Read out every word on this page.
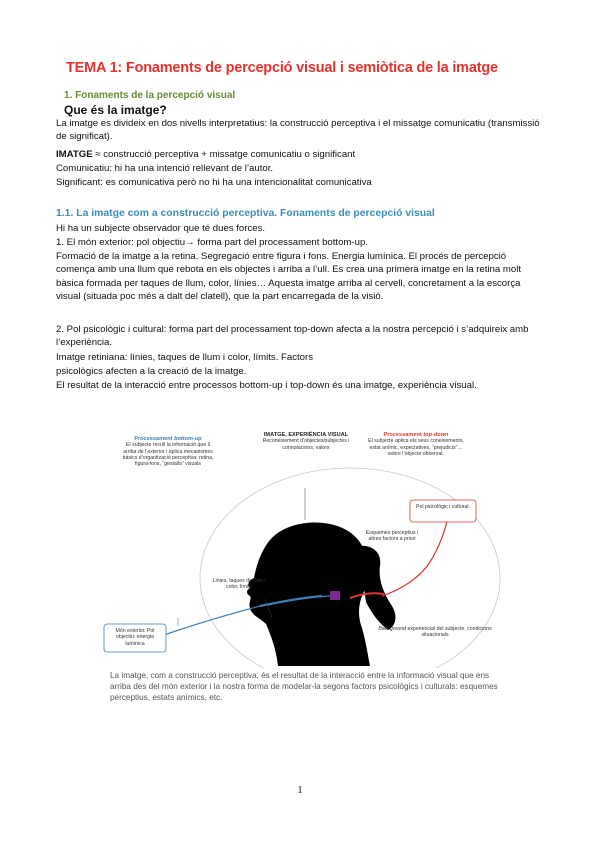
TEMA 1: Fonaments de percepció visual i semiòtica de la imatge
1. Fonaments de la percepció visual
Que és la imatge?

La imatge es divideix en dos nivells interpretatius: la construcció perceptiva i el missatge comunicatiu (transmissió de significat).

IMATGE ≈ construcció perceptiva + missatge comunicatiu o significant

Comunicatiu: hi ha una intenció rellevant de l’autor.

Significant: es comunicativa però no hi ha una intencionalitat comunicativa

1.1. La imatge com a construcció perceptiva. Fonaments de percepció visual

Hi ha un subjecte observador que té dues forces.

1. El món exterior: pol objectiu→ forma part del processament bottom-up.

Formació de la imatge a la retina. Segregació entre figura i fons. Energia lumínica. El procés de percepció comença amb una llum que rebota en els objectes i arriba a l’ull. Es crea una primera imatge en la retina molt bàsica formada per taques de llum, color, línies… Aquesta imatge arriba al cervell, concretament a la escorça visual (situada poc més a dalt del clatell), que la part encarregada de la visió.

2. Pol psicològic i cultural: forma part del processament top-down afecta a la nostra percepció i s’adquireix amb l’experiència.

Imatge retiniana: línies, taques de llum i color, límits. Factors

psicològics afecten a la creació de la imatge.

El resultat de la interacció entre processos bottom-up i top-down és una imatge, experiència visual.

Processament bottom-up
El subjecte recull la informació que li arriba de l’exterior i aplica mecanismes bàsics d’organització perceptiva: retina, figura-fons, “gestalts” visuals
IMATGE, EXPERIÈNCIA VISUAL
Reconeixement d’objectes/subjectes i connotacions, valors
Processament top-down
El subjecte aplica els seus coneixements, estat anímic, expectatives, “prejudicis”… sobre l’objecte observat.
Pol psicològic i cultural.
Esquemes perceptius i altres factors a priori
Línies, taques de llum i color, límits
Món exterior. Pol objectiu: energia lumínica
Background experiencial del subjecte, condicions situacionals
La imatge, com a construcció perceptiva, és el resultat de la interacció entre la informació visual que ens arriba des del món exterior i la nostra forma de modelar-la segons factors psicològics i culturals: esquemes perceptius, estats anímics, etc.
1
